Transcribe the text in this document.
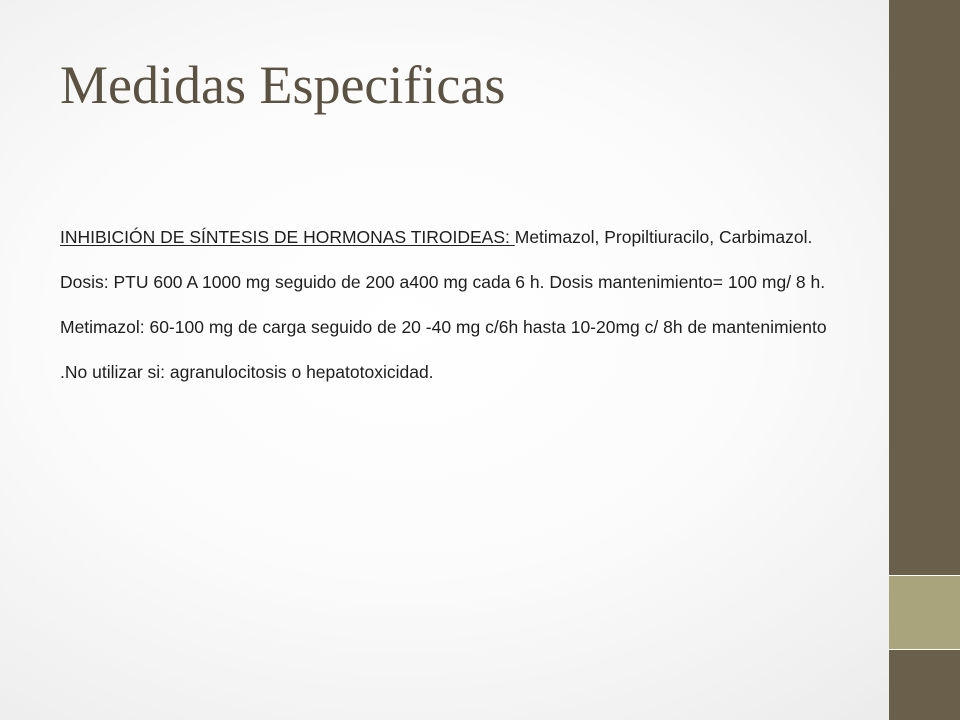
Medidas Especificas

INHIBICIÓN DE SÍNTESIS DE HORMONAS TIROIDEAS: Metimazol, Propiltiuracilo, Carbimazol.

Dosis: PTU 600 A 1000 mg seguido de 200 a400 mg cada 6 h. Dosis mantenimiento= 100 mg/ 8 h.

Metimazol: 60-100 mg de carga seguido de 20 -40 mg c/6h hasta 10-20mg c/ 8h de mantenimiento .No utilizar si: agranulocitosis o hepatotoxicidad.
